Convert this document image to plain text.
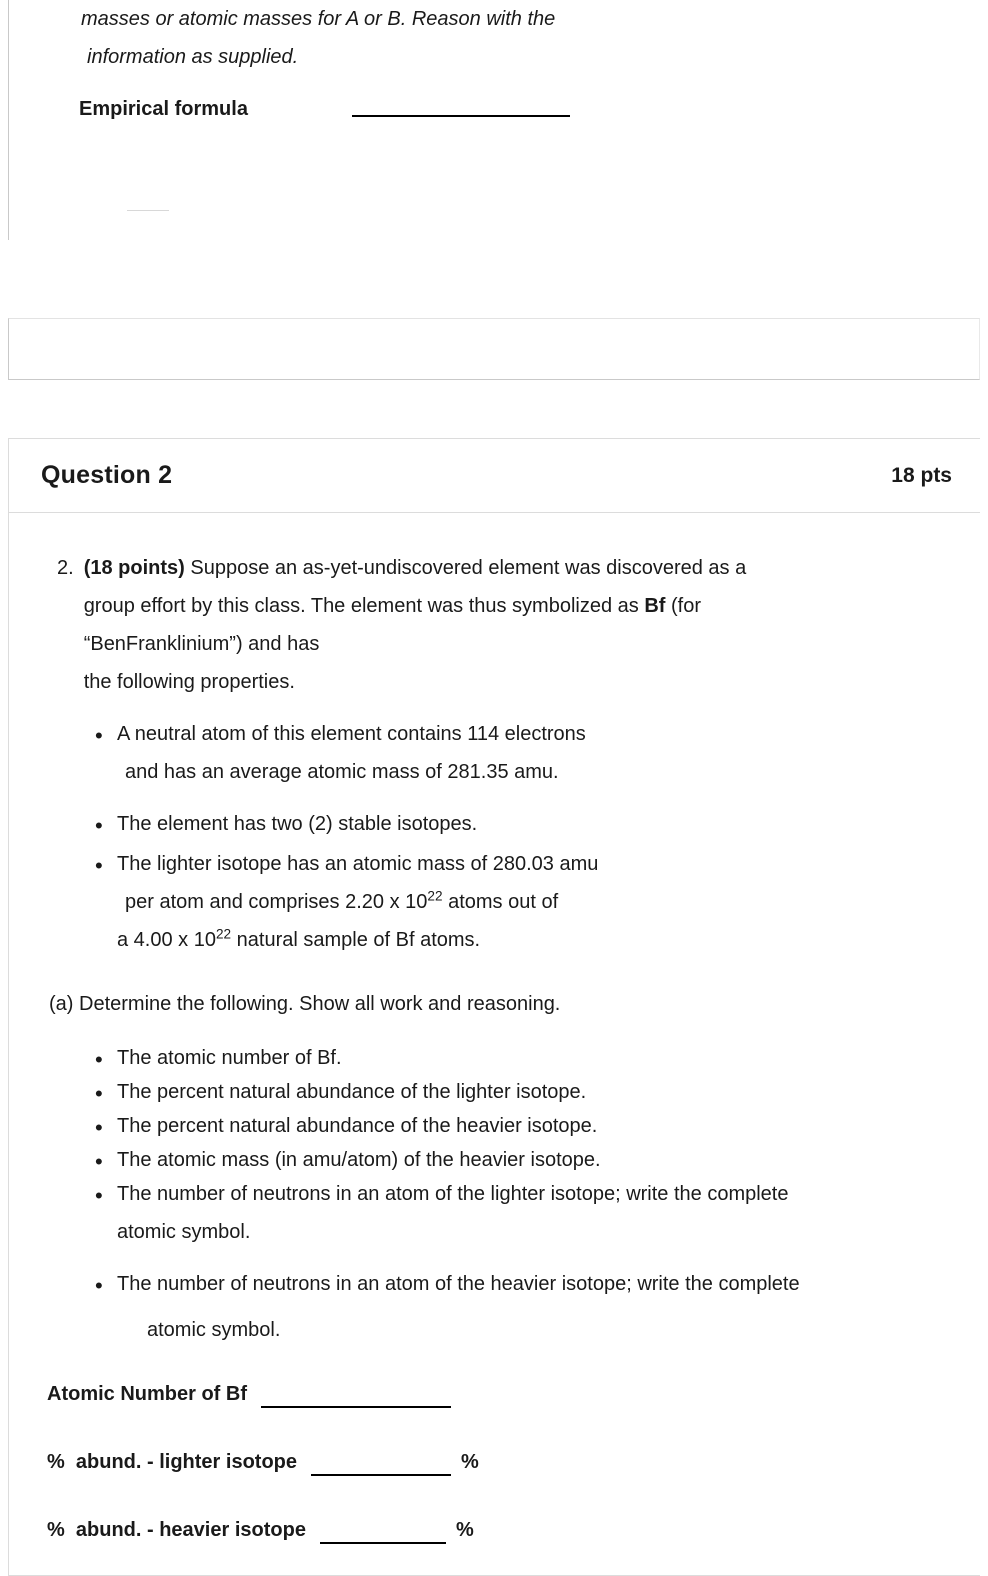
masses or atomic masses for A or B. Reason with the
information as supplied.
Empirical formula
Question 2	18 pts
2. (18 points) Suppose an as-yet-undiscovered element was discovered as a
group effort by this class. The element was thus symbolized as Bf (for
“BenFranklinium”) and has
the following properties.
• A neutral atom of this element contains 114 electrons
and has an average atomic mass of 281.35 amu.
• The element has two (2) stable isotopes.
• The lighter isotope has an atomic mass of 280.03 amu
per atom and comprises 2.20 x $10^{22}$ atoms out of
a 4.00 x $10^{22}$ natural sample of Bf atoms.
(a) Determine the following. Show all work and reasoning.
• The atomic number of Bf.
• The percent natural abundance of the lighter isotope.
• The percent natural abundance of the heavier isotope.
• The atomic mass (in amu/atom) of the heavier isotope.
• The number of neutrons in an atom of the lighter isotope; write the complete
atomic symbol.
• The number of neutrons in an atom of the heavier isotope; write the complete
atomic symbol.
Atomic Number of Bf
%  abund. - lighter isotope	%
%  abund. - heavier isotope	%
